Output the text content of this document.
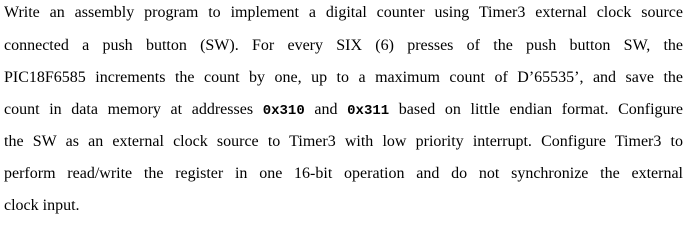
Write an assembly program to implement a digital counter using Timer3 external clock source
connected a push button (SW). For every SIX (6) presses of the push button SW, the
PIC18F6585 increments the count by one, up to a maximum count of D’65535’, and save the
count in data memory at addresses 0x310 and 0x311 based on little endian format. Configure
the SW as an external clock source to Timer3 with low priority interrupt. Configure Timer3 to
perform read/write the register in one 16-bit operation and do not synchronize the external
clock input.
